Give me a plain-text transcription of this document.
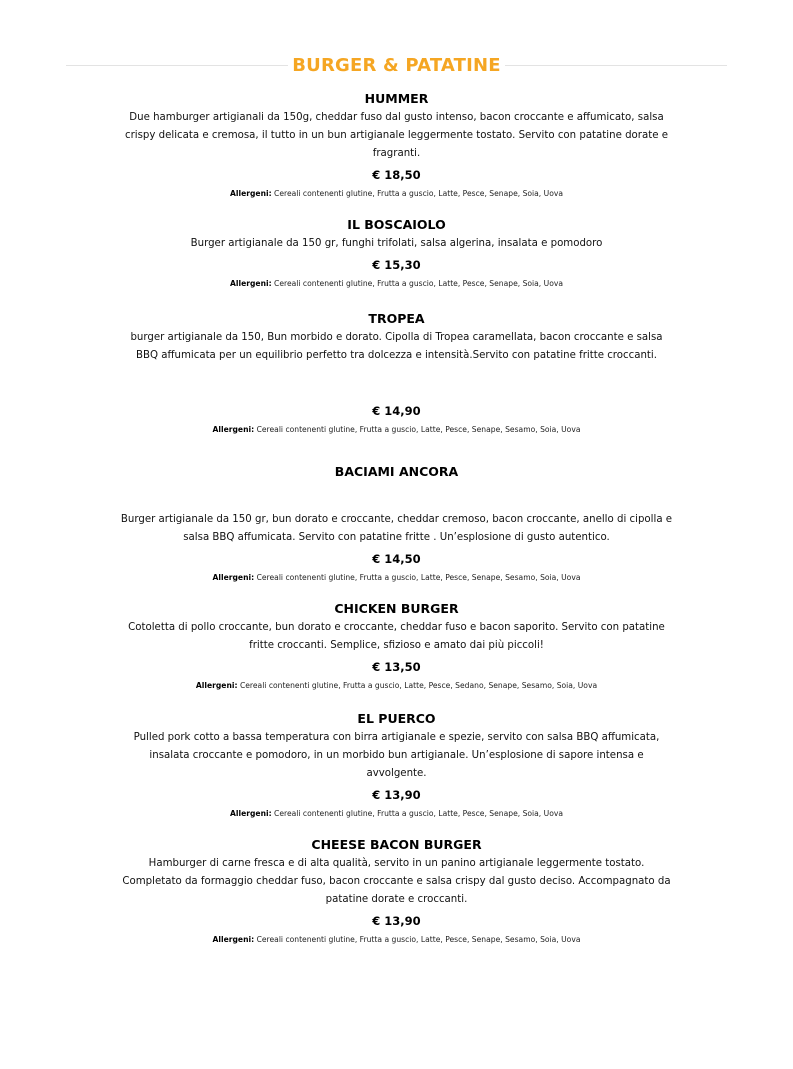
BURGER & PATATINE

HUMMER

Due hamburger artigianali da 150g, cheddar fuso dal gusto intenso, bacon croccante e affumicato, salsa crispy delicata e cremosa, il tutto in un bun artigianale leggermente tostato. Servito con patatine dorate e fragranti.

€ 18,50

Allergeni: Cereali contenenti glutine, Frutta a guscio, Latte, Pesce, Senape, Soia, Uova

IL BOSCAIOLO

Burger artigianale da 150 gr, funghi trifolati, salsa algerina, insalata e pomodoro

€ 15,30

Allergeni: Cereali contenenti glutine, Frutta a guscio, Latte, Pesce, Senape, Soia, Uova

TROPEA

burger artigianale da 150, Bun morbido e dorato. Cipolla di Tropea caramellata, bacon croccante e salsa BBQ affumicata per un equilibrio perfetto tra dolcezza e intensità.Servito con patatine fritte croccanti.

€ 14,90

Allergeni: Cereali contenenti glutine, Frutta a guscio, Latte, Pesce, Senape, Sesamo, Soia, Uova

BACIAMI ANCORA

Burger artigianale da 150 gr, bun dorato e croccante, cheddar cremoso, bacon croccante, anello di cipolla e salsa BBQ affumicata. Servito con patatine fritte . Un’esplosione di gusto autentico.

€ 14,50

Allergeni: Cereali contenenti glutine, Frutta a guscio, Latte, Pesce, Senape, Sesamo, Soia, Uova

CHICKEN BURGER

Cotoletta di pollo croccante, bun dorato e croccante, cheddar fuso e bacon saporito. Servito con patatine fritte croccanti. Semplice, sfizioso e amato dai più piccoli!

€ 13,50

Allergeni: Cereali contenenti glutine, Frutta a guscio, Latte, Pesce, Sedano, Senape, Sesamo, Soia, Uova

EL PUERCO

Pulled pork cotto a bassa temperatura con birra artigianale e spezie, servito con salsa BBQ affumicata, insalata croccante e pomodoro, in un morbido bun artigianale. Un’esplosione di sapore intensa e avvolgente.

€ 13,90

Allergeni: Cereali contenenti glutine, Frutta a guscio, Latte, Pesce, Senape, Soia, Uova

CHEESE BACON BURGER

Hamburger di carne fresca e di alta qualità, servito in un panino artigianale leggermente tostato. Completato da formaggio cheddar fuso, bacon croccante e salsa crispy dal gusto deciso. Accompagnato da patatine dorate e croccanti.

€ 13,90

Allergeni: Cereali contenenti glutine, Frutta a guscio, Latte, Pesce, Senape, Sesamo, Soia, Uova
